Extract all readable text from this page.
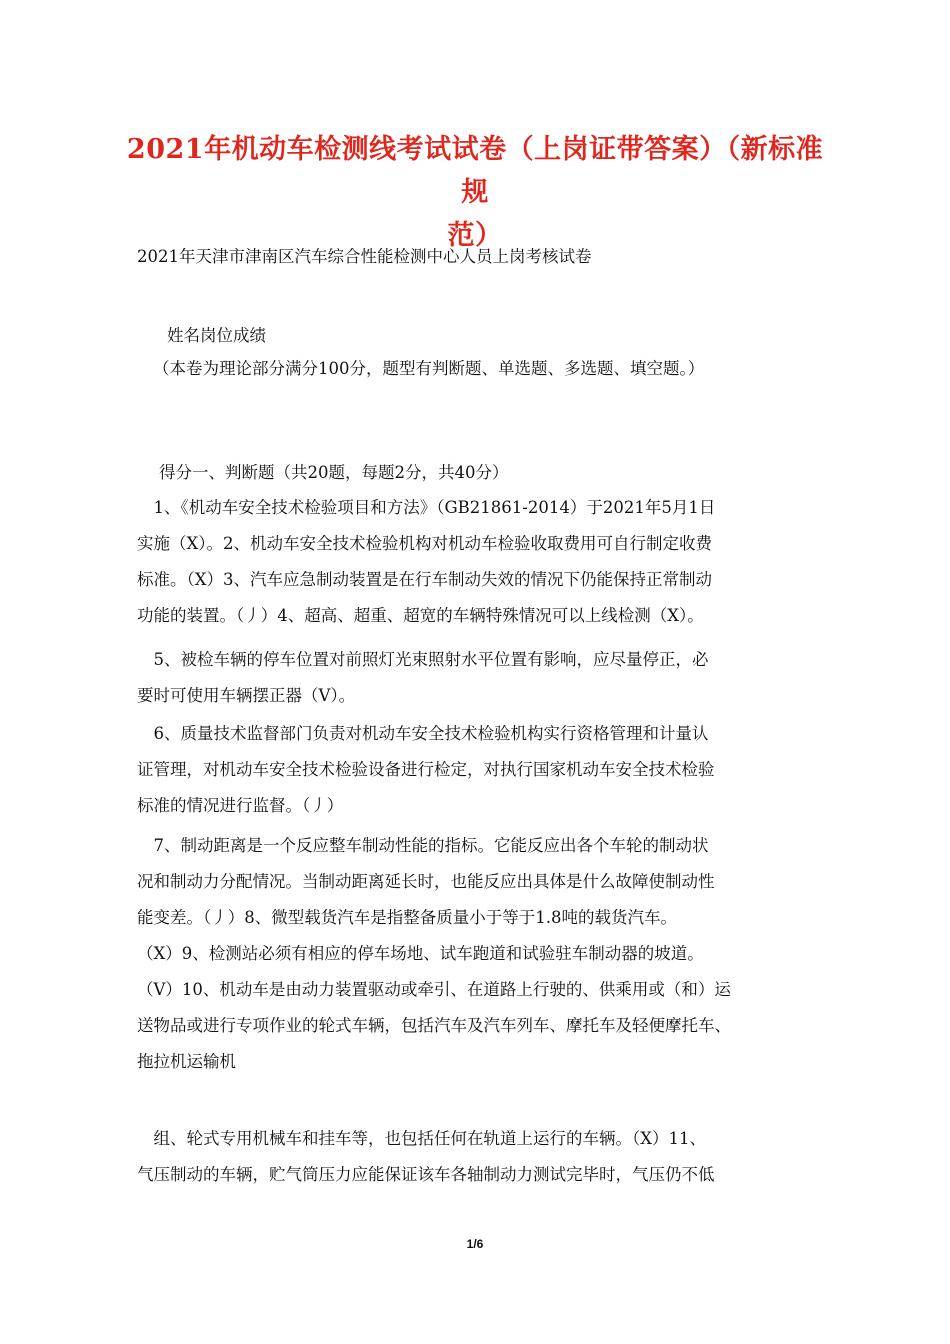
2021年机动车检测线考试试卷（上岗证带答案）（新标准规
范）
2021年天津市津南区汽车综合性能检测中心人员上岗考核试卷
姓名岗位成绩
（本卷为理论部分满分100分，题型有判断题、单选题、多选题、填空题。）
得分一、判断题（共20题，每题2分，共40分）
　1、《机动车安全技术检验项目和方法》（GB21861-2014）于2021年5月1日
实施（X）。2、机动车安全技术检验机构对机动车检验收取费用可自行制定收费
标准。（X）3、汽车应急制动装置是在行车制动失效的情况下仍能保持正常制动
功能的装置。（丿）4、超高、超重、超宽的车辆特殊情况可以上线检测（X）。
　5、被检车辆的停车位置对前照灯光束照射水平位置有影响，应尽量停正，必
要时可使用车辆摆正器（V）。
　6、质量技术监督部门负责对机动车安全技术检验机构实行资格管理和计量认
证管理，对机动车安全技术检验设备进行检定，对执行国家机动车安全技术检验
标准的情况进行监督。（丿）
　7、制动距离是一个反应整车制动性能的指标。它能反应出各个车轮的制动状
况和制动力分配情况。当制动距离延长时，也能反应出具体是什么故障使制动性
能变差。（丿）8、微型载货汽车是指整备质量小于等于1.8吨的载货汽车。
（X）9、检测站必须有相应的停车场地、试车跑道和试验驻车制动器的坡道。
（V）10、机动车是由动力装置驱动或牵引、在道路上行驶的、供乘用或（和）运
送物品或进行专项作业的轮式车辆，包括汽车及汽车列车、摩托车及轻便摩托车、
拖拉机运输机
　组、轮式专用机械车和挂车等，也包括任何在轨道上运行的车辆。（X）11、
气压制动的车辆，贮气筒压力应能保证该车各轴制动力测试完毕时，气压仍不低
1/6
